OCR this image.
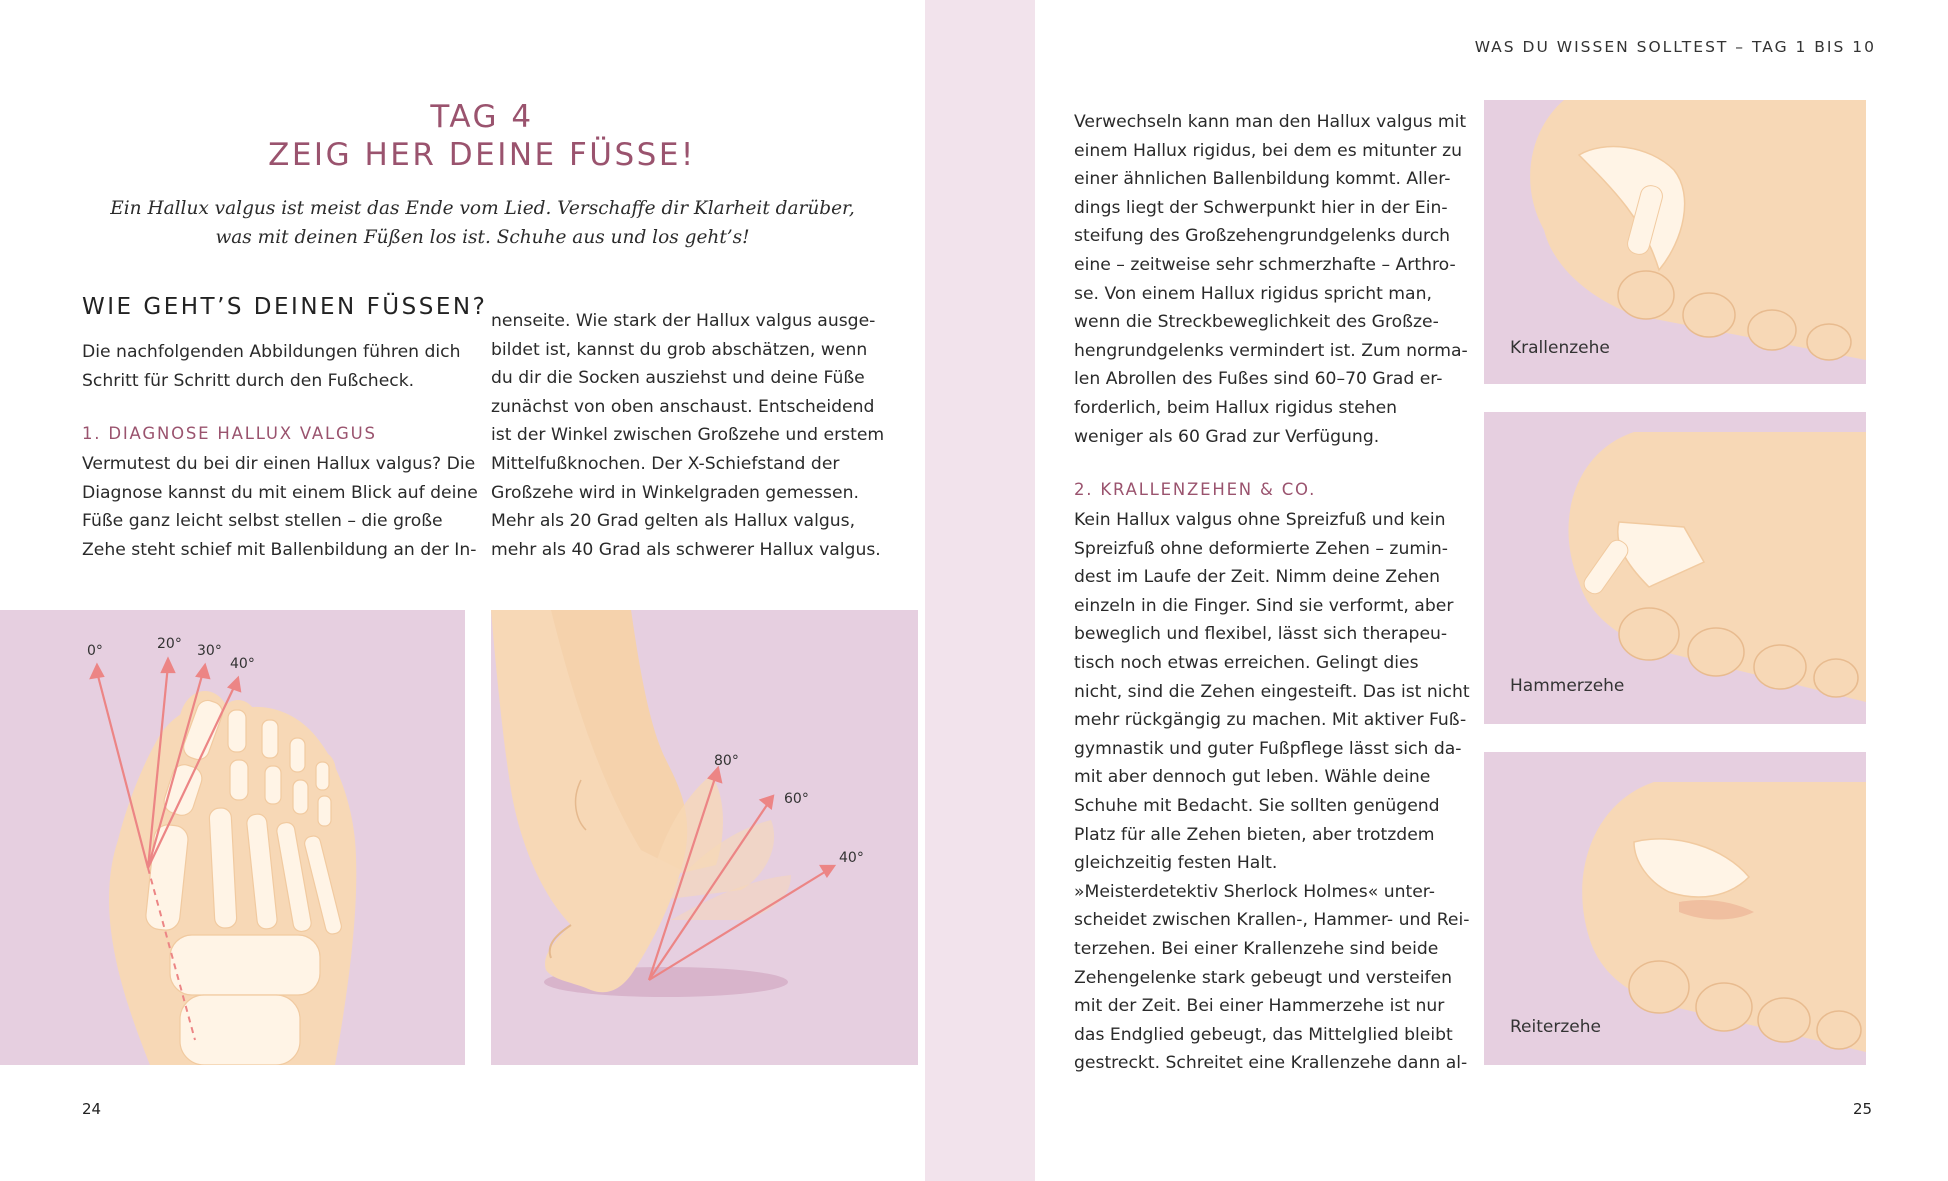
WAS DU WISSEN SOLLTEST – TAG 1 BIS 10
TAG 4
ZEIG HER DEINE FÜSSE!
Ein Hallux valgus ist meist das Ende vom Lied. Verschaffe dir Klarheit darüber,
was mit deinen Füßen los ist. Schuhe aus und los geht’s!
WIE GEHT’S DEINEN FÜSSEN?
Die nachfolgenden Abbildungen führen dich
Schritt für Schritt durch den Fußcheck.
1. DIAGNOSE HALLUX VALGUS
Vermutest du bei dir einen Hallux valgus? Die
Diagnose kannst du mit einem Blick auf deine
Füße ganz leicht selbst stellen – die große
Zehe steht schief mit Ballenbildung an der In-
nenseite. Wie stark der Hallux valgus ausge-
bildet ist, kannst du grob abschätzen, wenn
du dir die Socken ausziehst und deine Füße
zunächst von oben anschaust. Entscheidend
ist der Winkel zwischen Großzehe und erstem
Mittelfußknochen. Der X-Schiefstand der
Großzehe wird in Winkelgraden gemessen.
Mehr als 20 Grad gelten als Hallux valgus,
mehr als 40 Grad als schwerer Hallux valgus.
0°	20° 30°
40°
80°
60°
40°
24
Verwechseln kann man den Hallux valgus mit
einem Hallux rigidus, bei dem es mitunter zu
einer ähnlichen Ballenbildung kommt. Aller-
dings liegt der Schwerpunkt hier in der Ein-
steifung des Großzehengrundgelenks durch
eine – zeitweise sehr schmerzhafte – Arthro-
se. Von einem Hallux rigidus spricht man,
wenn die Streckbeweglichkeit des Großze-
hengrundgelenks vermindert ist. Zum norma-
len Abrollen des Fußes sind 60–70 Grad er-
forderlich, beim Hallux rigidus stehen
weniger als 60 Grad zur Verfügung.
2. KRALLENZEHEN & CO.
Kein Hallux valgus ohne Spreizfuß und kein
Spreizfuß ohne deformierte Zehen – zumin-
dest im Laufe der Zeit. Nimm deine Zehen
einzeln in die Finger. Sind sie verformt, aber
beweglich und flexibel, lässt sich therapeu-
tisch noch etwas erreichen. Gelingt dies
nicht, sind die Zehen eingesteift. Das ist nicht
mehr rückgängig zu machen. Mit aktiver Fuß-
gymnastik und guter Fußpflege lässt sich da-
mit aber dennoch gut leben. Wähle deine
Schuhe mit Bedacht. Sie sollten genügend
Platz für alle Zehen bieten, aber trotzdem
gleichzeitig festen Halt.
»Meisterdetektiv Sherlock Holmes« unter-
scheidet zwischen Krallen-, Hammer- und Rei-
terzehen. Bei einer Krallenzehe sind beide
Zehengelenke stark gebeugt und versteifen
mit der Zeit. Bei einer Hammerzehe ist nur
das Endglied gebeugt, das Mittelglied bleibt
gestreckt. Schreitet eine Krallenzehe dann al-
Krallenzehe
Hammerzehe
Reiterzehe
25
